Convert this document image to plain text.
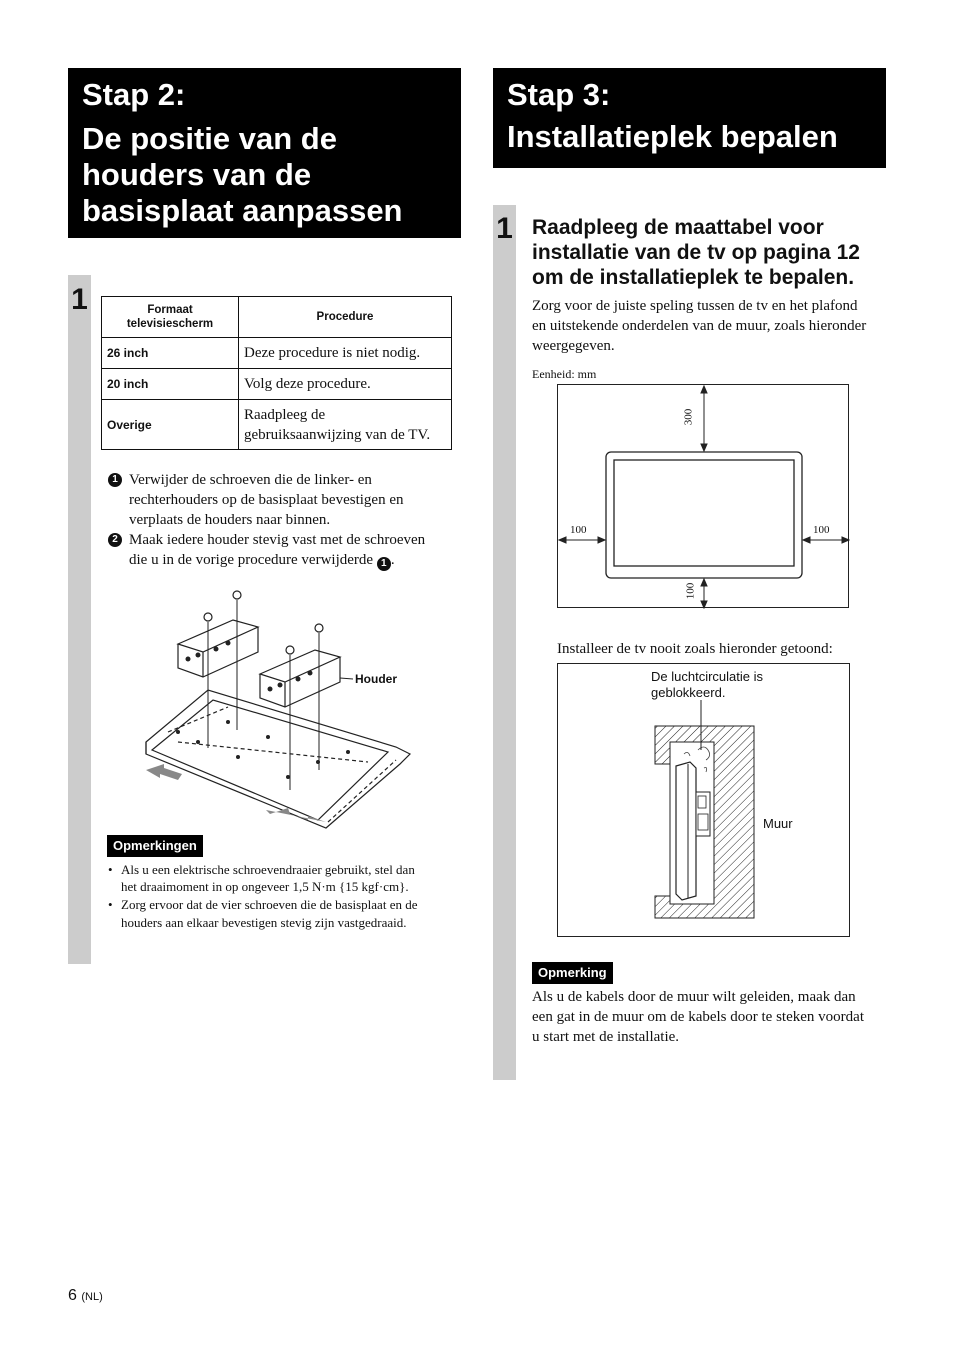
Stap 2:
De positie van de
houders van de
basisplaat aanpassen
1	Formaat televisiescherm	Procedure
26 inch	Deze procedure is niet nodig.
20 inch	Volg deze procedure.
Overige	Raadpleeg de gebruiksaanwijzing van de TV.
1 Verwijder de schroeven die de linker- en
rechterhouders op de basisplaat bevestigen en
verplaats de houders naar binnen.
2 Maak iedere houder stevig vast met de schroeven
die u in de vorige procedure verwijderde 1 .
Houder
Opmerkingen
• Als u een elektrische schroevendraaier gebruikt, stel dan
het draaimoment in op ongeveer 1,5 N·m {15 kgf·cm}.
• Zorg ervoor dat de vier schroeven die de basisplaat en de
houders aan elkaar bevestigen stevig zijn vastgedraaid.
Stap 3:
Installatieplek bepalen
1 Raadpleeg de maattabel voor
installatie van de tv op pagina 12
om de installatieplek te bepalen.
Zorg voor de juiste speling tussen de tv en het plafond
en uitstekende onderdelen van de muur, zoals hieronder
weergegeven.
Eenheid: mm
300
100	100
100
Installeer de tv nooit zoals hieronder getoond:
De luchtcirculatie is
geblokkeerd.
Muur
Opmerking
Als u de kabels door de muur wilt geleiden, maak dan
een gat in de muur om de kabels door te steken voordat
u start met de installatie.
6 (NL)
